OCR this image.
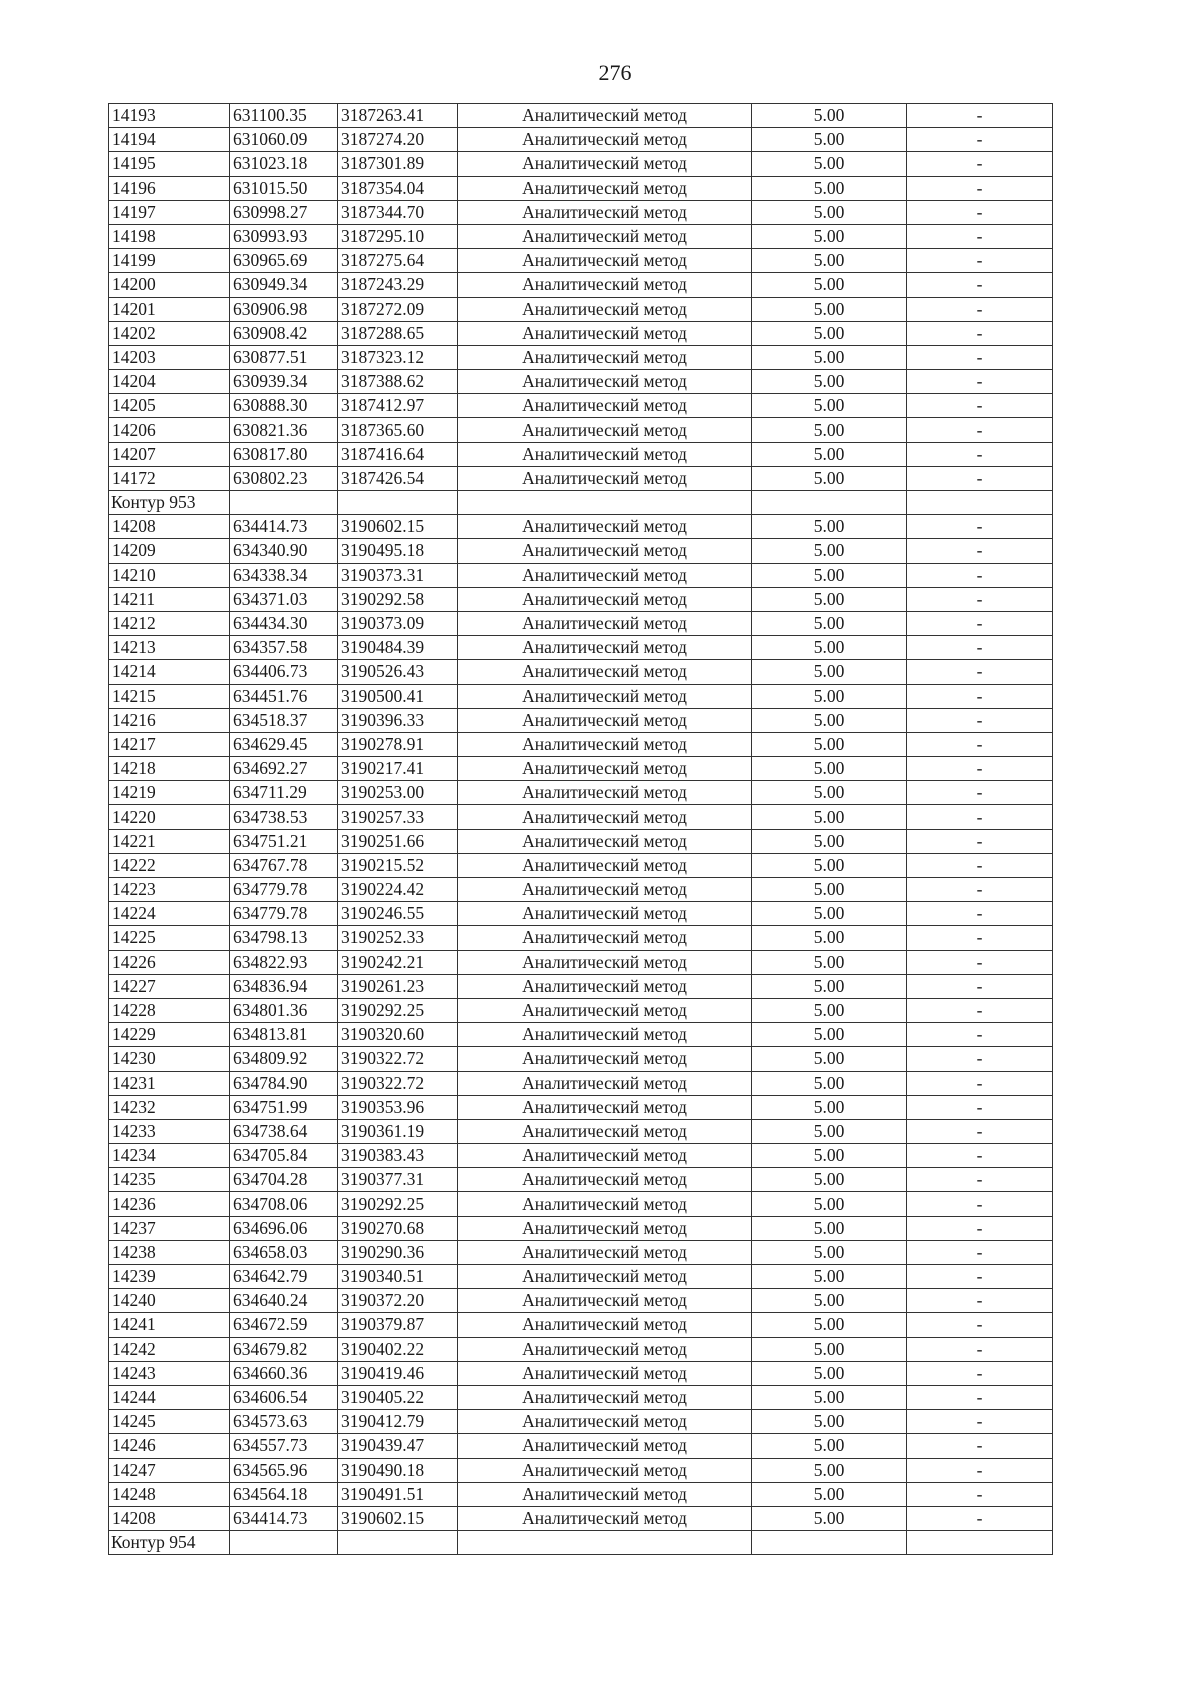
276
14193	631100.35	3187263.41	Аналитический метод	5.00	-
14194	631060.09	3187274.20	Аналитический метод	5.00	-
14195	631023.18	3187301.89	Аналитический метод	5.00	-
14196	631015.50	3187354.04	Аналитический метод	5.00	-
14197	630998.27	3187344.70	Аналитический метод	5.00	-
14198	630993.93	3187295.10	Аналитический метод	5.00	-
14199	630965.69	3187275.64	Аналитический метод	5.00	-
14200	630949.34	3187243.29	Аналитический метод	5.00	-
14201	630906.98	3187272.09	Аналитический метод	5.00	-
14202	630908.42	3187288.65	Аналитический метод	5.00	-
14203	630877.51	3187323.12	Аналитический метод	5.00	-
14204	630939.34	3187388.62	Аналитический метод	5.00	-
14205	630888.30	3187412.97	Аналитический метод	5.00	-
14206	630821.36	3187365.60	Аналитический метод	5.00	-
14207	630817.80	3187416.64	Аналитический метод	5.00	-
14172	630802.23	3187426.54	Аналитический метод	5.00	-
Контур 953					
14208	634414.73	3190602.15	Аналитический метод	5.00	-
14209	634340.90	3190495.18	Аналитический метод	5.00	-
14210	634338.34	3190373.31	Аналитический метод	5.00	-
14211	634371.03	3190292.58	Аналитический метод	5.00	-
14212	634434.30	3190373.09	Аналитический метод	5.00	-
14213	634357.58	3190484.39	Аналитический метод	5.00	-
14214	634406.73	3190526.43	Аналитический метод	5.00	-
14215	634451.76	3190500.41	Аналитический метод	5.00	-
14216	634518.37	3190396.33	Аналитический метод	5.00	-
14217	634629.45	3190278.91	Аналитический метод	5.00	-
14218	634692.27	3190217.41	Аналитический метод	5.00	-
14219	634711.29	3190253.00	Аналитический метод	5.00	-
14220	634738.53	3190257.33	Аналитический метод	5.00	-
14221	634751.21	3190251.66	Аналитический метод	5.00	-
14222	634767.78	3190215.52	Аналитический метод	5.00	-
14223	634779.78	3190224.42	Аналитический метод	5.00	-
14224	634779.78	3190246.55	Аналитический метод	5.00	-
14225	634798.13	3190252.33	Аналитический метод	5.00	-
14226	634822.93	3190242.21	Аналитический метод	5.00	-
14227	634836.94	3190261.23	Аналитический метод	5.00	-
14228	634801.36	3190292.25	Аналитический метод	5.00	-
14229	634813.81	3190320.60	Аналитический метод	5.00	-
14230	634809.92	3190322.72	Аналитический метод	5.00	-
14231	634784.90	3190322.72	Аналитический метод	5.00	-
14232	634751.99	3190353.96	Аналитический метод	5.00	-
14233	634738.64	3190361.19	Аналитический метод	5.00	-
14234	634705.84	3190383.43	Аналитический метод	5.00	-
14235	634704.28	3190377.31	Аналитический метод	5.00	-
14236	634708.06	3190292.25	Аналитический метод	5.00	-
14237	634696.06	3190270.68	Аналитический метод	5.00	-
14238	634658.03	3190290.36	Аналитический метод	5.00	-
14239	634642.79	3190340.51	Аналитический метод	5.00	-
14240	634640.24	3190372.20	Аналитический метод	5.00	-
14241	634672.59	3190379.87	Аналитический метод	5.00	-
14242	634679.82	3190402.22	Аналитический метод	5.00	-
14243	634660.36	3190419.46	Аналитический метод	5.00	-
14244	634606.54	3190405.22	Аналитический метод	5.00	-
14245	634573.63	3190412.79	Аналитический метод	5.00	-
14246	634557.73	3190439.47	Аналитический метод	5.00	-
14247	634565.96	3190490.18	Аналитический метод	5.00	-
14248	634564.18	3190491.51	Аналитический метод	5.00	-
14208	634414.73	3190602.15	Аналитический метод	5.00	-
Контур 954					
